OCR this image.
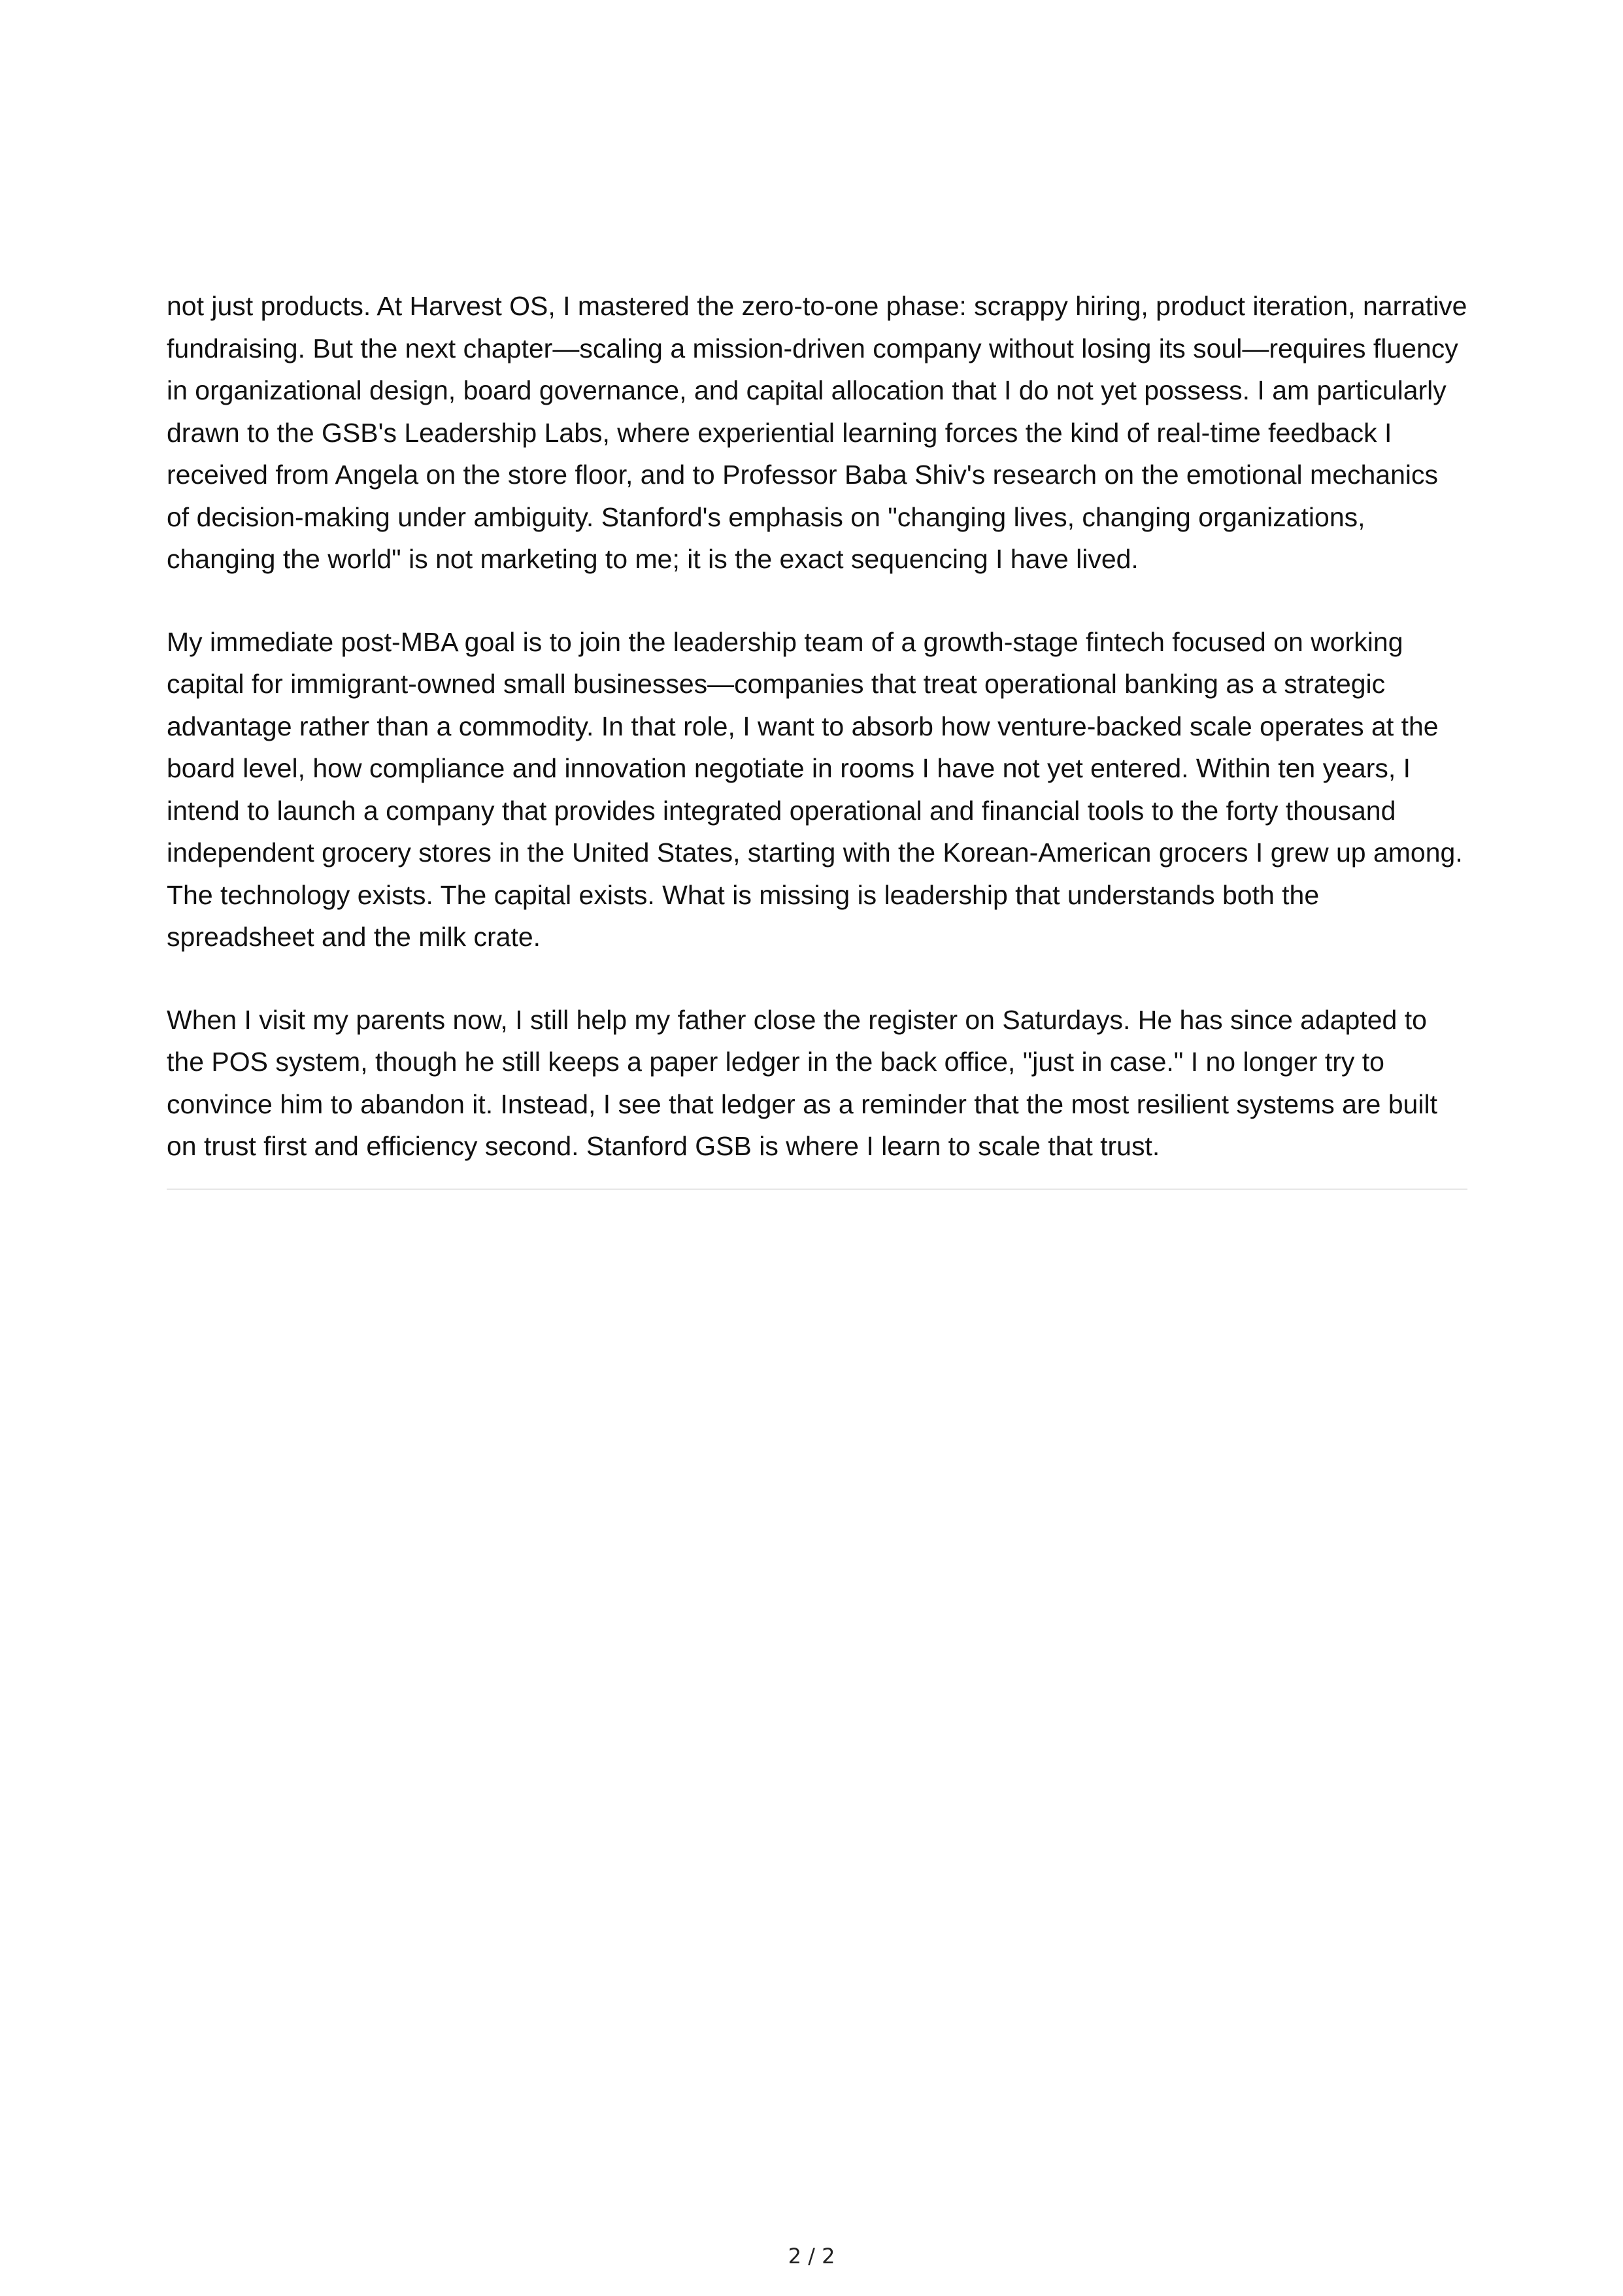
not just products. At Harvest OS, I mastered the zero-to-one phase: scrappy hiring, product iteration, narrative fundraising. But the next chapter—scaling a mission-driven company without losing its soul—requires fluency in organizational design, board governance, and capital allocation that I do not yet possess. I am particularly drawn to the GSB's Leadership Labs, where experiential learning forces the kind of real-time feedback I received from Angela on the store floor, and to Professor Baba Shiv's research on the emotional mechanics of decision-making under ambiguity. Stanford's emphasis on "changing lives, changing organizations, changing the world" is not marketing to me; it is the exact sequencing I have lived.

My immediate post-MBA goal is to join the leadership team of a growth-stage fintech focused on working capital for immigrant-owned small businesses—companies that treat operational banking as a strategic advantage rather than a commodity. In that role, I want to absorb how venture-backed scale operates at the board level, how compliance and innovation negotiate in rooms I have not yet entered. Within ten years, I intend to launch a company that provides integrated operational and financial tools to the forty thousand independent grocery stores in the United States, starting with the Korean-American grocers I grew up among. The technology exists. The capital exists. What is missing is leadership that understands both the spreadsheet and the milk crate.

When I visit my parents now, I still help my father close the register on Saturdays. He has since adapted to the POS system, though he still keeps a paper ledger in the back office, "just in case." I no longer try to convince him to abandon it. Instead, I see that ledger as a reminder that the most resilient systems are built on trust first and efficiency second. Stanford GSB is where I learn to scale that trust.

2 / 2
